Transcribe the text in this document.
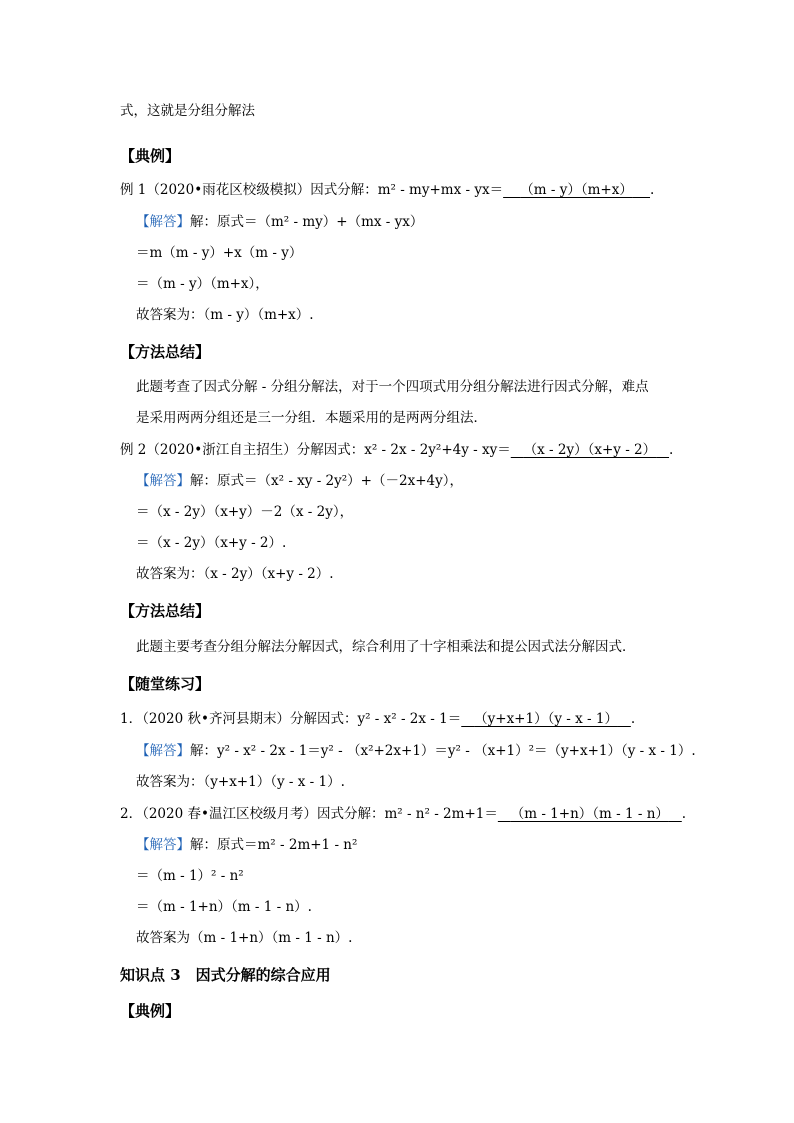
式，这就是分组分解法
【典例】
例 1（2020•雨花区校级模拟）因式分解：m² - my+mx - yx＝ （m - y）（m+x） .
【解答】解：原式＝（m² - my）+（mx - yx）
＝m（m - y）+x（m - y）
＝（m - y）（m+x），
故答案为：（m - y）（m+x）.
【方法总结】
此题考查了因式分解 - 分组分解法，对于一个四项式用分组分解法进行因式分解，难点
是采用两两分组还是三一分组．本题采用的是两两分组法．
例 2（2020•浙江自主招生）分解因式：x² - 2x - 2y²+4y - xy＝ （x - 2y）（x+y - 2） .
【解答】解：原式＝（x² - xy - 2y²）+（－2x+4y），
＝（x - 2y）（x+y）－2（x - 2y），
＝（x - 2y）（x+y - 2）.
故答案为：（x - 2y）（x+y - 2）.
【方法总结】
此题主要考查分组分解法分解因式，综合利用了十字相乘法和提公因式法分解因式．
【随堂练习】
1．（2020 秋•齐河县期末）分解因式：y² - x² - 2x - 1＝ （y+x+1）（y - x - 1） .
【解答】解：y² - x² - 2x - 1＝y² - （x²+2x+1）＝y² - （x+1）²＝（y+x+1）（y - x - 1）.
故答案为：（y+x+1）（y - x - 1）.
2．（2020 春•温江区校级月考）因式分解：m² - n² - 2m+1＝ （m - 1+n）（m - 1 - n） .
【解答】解：原式＝m² - 2m+1 - n²
＝（m - 1）² - n²
＝（m - 1+n）（m - 1 - n）.
故答案为（m - 1+n）（m - 1 - n）.
知识点 3　因式分解的综合应用
【典例】
